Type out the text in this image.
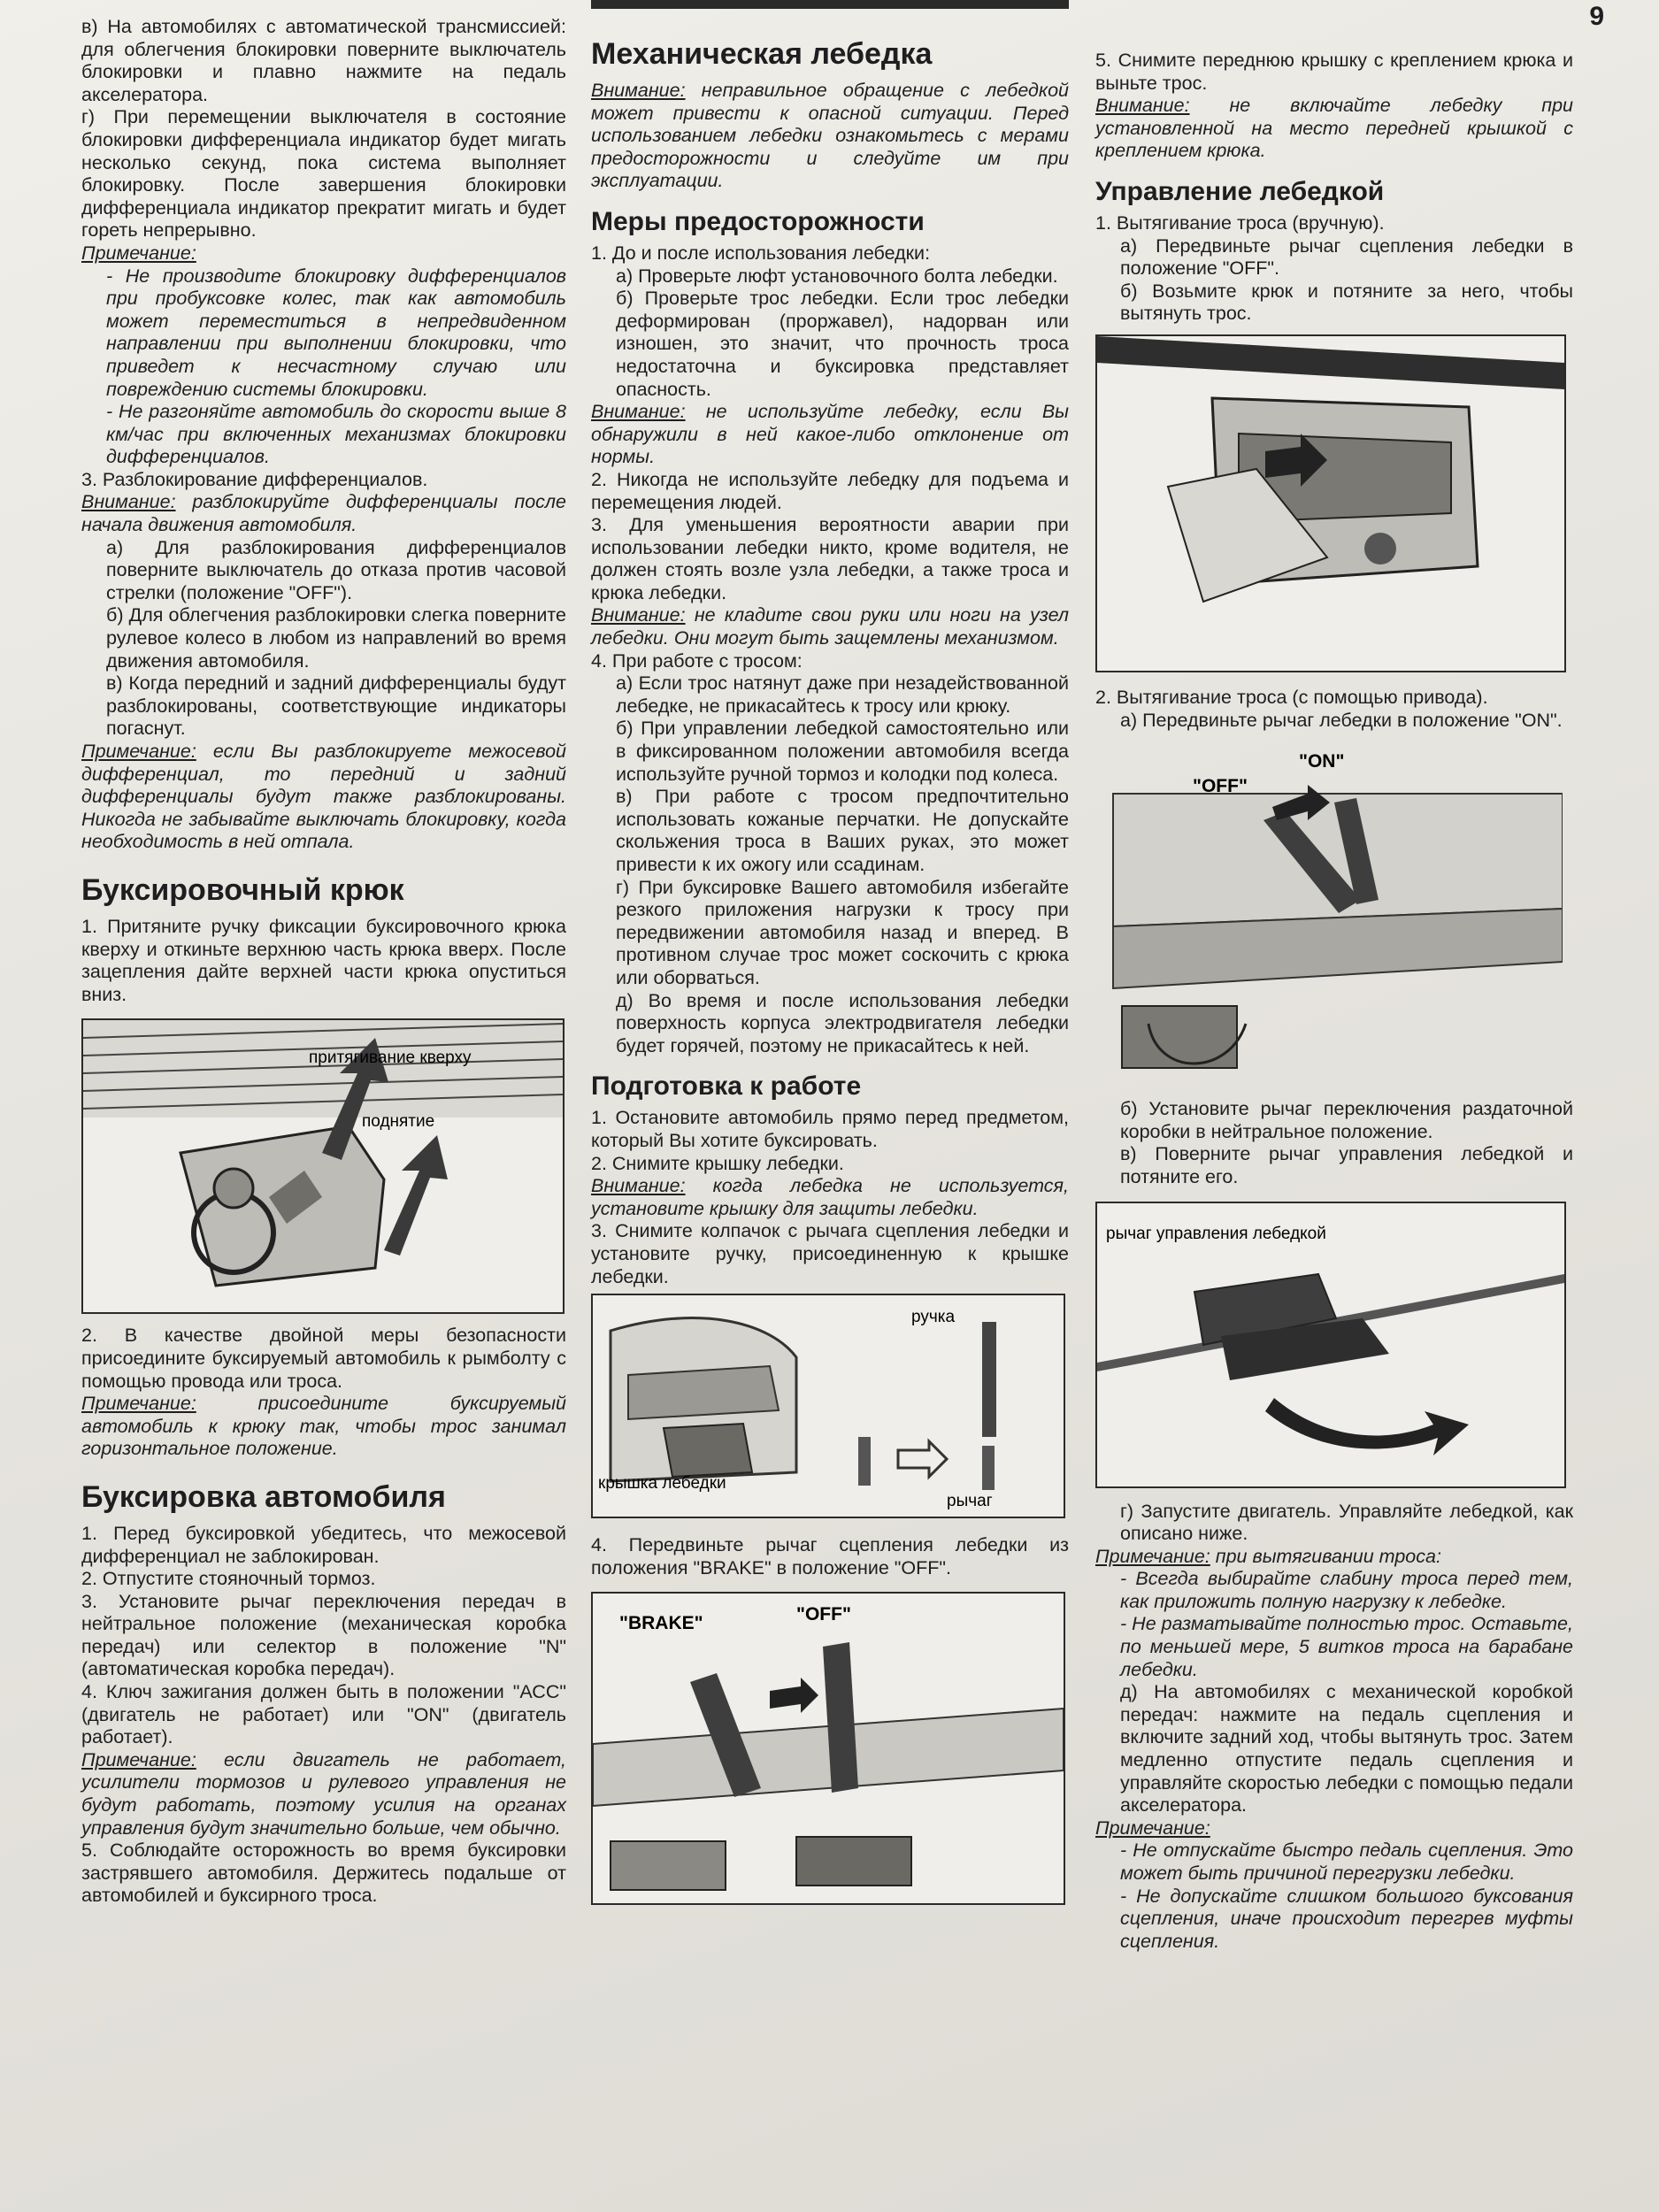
9

в) На автомобилях с автоматической трансмиссией: для облегчения блокировки поверните выключатель блокировки и плавно нажмите на педаль акселератора.

г) При перемещении выключателя в состояние блокировки дифференциала индикатор будет мигать несколько секунд, пока система выполняет блокировку. После завершения блокировки дифференциала индикатор прекратит мигать и будет гореть непрерывно.

Примечание:

- Не производите блокировку дифференциалов при пробуксовке колес, так как автомобиль может переместиться в непредвиденном направлении при выполнении блокировки, что приведет к несчастному случаю или повреждению системы блокировки.

- Не разгоняйте автомобиль до скорости выше 8 км/час при включенных механизмах блокировки дифференциалов.

3. Разблокирование дифференциалов.

Внимание: разблокируйте дифференциалы после начала движения автомобиля.

а) Для разблокирования дифференциалов поверните выключатель до отказа против часовой стрелки (положение "OFF").

б) Для облегчения разблокировки слегка поверните рулевое колесо в любом из направлений во время движения автомобиля.

в) Когда передний и задний дифференциалы будут разблокированы, соответствующие индикаторы погаснут.

Примечание: если Вы разблокируете межосевой дифференциал, то передний и задний дифференциалы будут также разблокированы. Никогда не забывайте выключать блокировку, когда необходимость в ней отпала.

Буксировочный крюк

1. Притяните ручку фиксации буксировочного крюка кверху и откиньте верхнюю часть крюка вверх. После зацепления дайте верхней части крюка опуститься вниз.

притягивание кверху
поднятие

2. В качестве двойной меры безопасности присоедините буксируемый автомобиль к рымболту с помощью провода или троса.

Примечание: присоедините буксируемый автомобиль к крюку так, чтобы трос занимал горизонтальное положение.

Буксировка автомобиля

1. Перед буксировкой убедитесь, что межосевой дифференциал не заблокирован.

2. Отпустите стояночный тормоз.

3. Установите рычаг переключения передач в нейтральное положение (механическая коробка передач) или селектор в положение "N" (автоматическая коробка передач).

4. Ключ зажигания должен быть в положении "АСС" (двигатель не работает) или "ON" (двигатель работает).

Примечание: если двигатель не работает, усилители тормозов и рулевого управления не будут работать, поэтому усилия на органах управления будут значительно больше, чем обычно.

5. Соблюдайте осторожность во время буксировки застрявшего автомобиля. Держитесь подальше от автомобилей и буксирного троса.

Механическая лебедка

Внимание: неправильное обращение с лебедкой может привести к опасной ситуации. Перед использованием лебедки ознакомьтесь с мерами предосторожности и следуйте им при эксплуатации.

Меры предосторожности

1. До и после использования лебедки:

а) Проверьте люфт установочного болта лебедки.

б) Проверьте трос лебедки. Если трос лебедки деформирован (проржавел), надорван или изношен, это значит, что прочность троса недостаточна и буксировка представляет опасность.

Внимание: не используйте лебедку, если Вы обнаружили в ней какое-либо отклонение от нормы.

2. Никогда не используйте лебедку для подъема и перемещения людей.

3. Для уменьшения вероятности аварии при использовании лебедки никто, кроме водителя, не должен стоять возле узла лебедки, а также троса и крюка лебедки.

Внимание: не кладите свои руки или ноги на узел лебедки. Они могут быть защемлены механизмом.

4. При работе с тросом:

а) Если трос натянут даже при незадействованной лебедке, не прикасайтесь к тросу или крюку.

б) При управлении лебедкой самостоятельно или в фиксированном положении автомобиля всегда используйте ручной тормоз и колодки под колеса.

в) При работе с тросом предпочтительно использовать кожаные перчатки. Не допускайте скольжения троса в Ваших руках, это может привести к их ожогу или ссадинам.

г) При буксировке Вашего автомобиля избегайте резкого приложения нагрузки к тросу при передвижении автомобиля назад и вперед. В противном случае трос может соскочить с крюка или оборваться.

д) Во время и после использования лебедки поверхность корпуса электродвигателя лебедки будет горячей, поэтому не прикасайтесь к ней.

Подготовка к работе

1. Остановите автомобиль прямо перед предметом, который Вы хотите буксировать.

2. Снимите крышку лебедки.

Внимание: когда лебедка не используется, установите крышку для защиты лебедки.

3. Снимите колпачок с рычага сцепления лебедки и установите ручку, присоединенную к крышке лебедки.

ручка
крышка лебедки
рычаг

4. Передвиньте рычаг сцепления лебедки из положения "BRAKE" в положение "OFF".

"BRAKE"	"OFF"

5. Снимите переднюю крышку с креплением крюка и выньте трос.

Внимание: не включайте лебедку при установленной на место передней крышкой с креплением крюка.

Управление лебедкой

1. Вытягивание троса (вручную).

а) Передвиньте рычаг сцепления лебедки в положение "OFF".

б) Возьмите крюк и потяните за него, чтобы вытянуть трос.

2. Вытягивание троса (с помощью привода).

а) Передвиньте рычаг лебедки в положение "ON".

"ON"
"OFF"

б) Установите рычаг переключения раздаточной коробки в нейтральное положение.

в) Поверните рычаг управления лебедкой и потяните его.

рычаг управления лебедкой

г) Запустите двигатель. Управляйте лебедкой, как описано ниже.

Примечание: при вытягивании троса:

- Всегда выбирайте слабину троса перед тем, как приложить полную нагрузку к лебедке.

- Не разматывайте полностью трос. Оставьте, по меньшей мере, 5 витков троса на барабане лебедки.

д) На автомобилях с механической коробкой передач: нажмите на педаль сцепления и включите задний ход, чтобы вытянуть трос. Затем медленно отпустите педаль сцепления и управляйте скоростью лебедки с помощью педали акселератора.

Примечание:

- Не отпускайте быстро педаль сцепления. Это может быть причиной перегрузки лебедки.

- Не допускайте слишком большого буксования сцепления, иначе происходит перегрев муфты сцепления.
